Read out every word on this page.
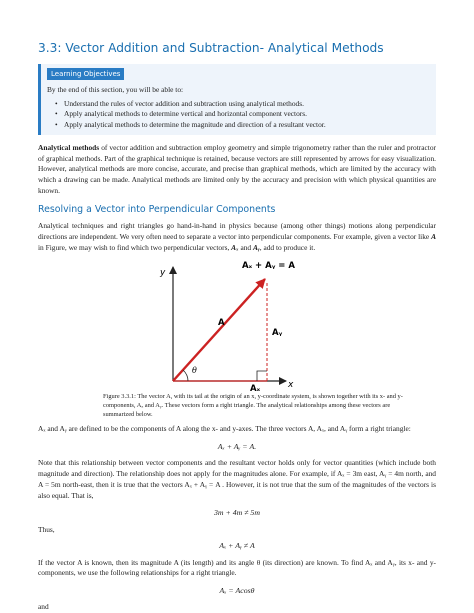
3.3: Vector Addition and Subtraction- Analytical Methods
Learning Objectives
By the end of this section, you will be able to:
• Understand the rules of vector addition and subtraction using analytical methods.
• Apply analytical methods to determine vertical and horizontal component vectors.
• Apply analytical methods to determine the magnitude and direction of a resultant vector.

Analytical methods of vector addition and subtraction employ geometry and simple trigonometry rather than the ruler and protractor of graphical methods. Part of the graphical technique is retained, because vectors are still represented by arrows for easy visualization. However, analytical methods are more concise, accurate, and precise than graphical methods, which are limited by the accuracy with which a drawing can be made. Analytical methods are limited only by the accuracy and precision with which physical quantities are known.

Resolving a Vector into Perpendicular Components

Analytical techniques and right triangles go hand-in-hand in physics because (among other things) motions along perpendicular directions are independent. We very often need to separate a vector into perpendicular components. For example, given a vector like A in Figure, we may wish to find which two perpendicular vectors, Aₓ and Aᵧ, add to produce it.

y
x
Aₓ + Aᵧ = A
A
Aᵧ
Aₓ
θ
Figure 3.3.1: The vector A, with its tail at the origin of an x, y-coordinate system, is shown together with its x- and y-components, Aₓ and Aᵧ. These vectors form a right triangle. The analytical relationships among these vectors are summarized below.

Aₓ and Aᵧ are defined to be the components of A along the x- and y-axes. The three vectors A, Aₓ, and Aᵧ form a right triangle:

Aₓ + Aᵧ = A.

Note that this relationship between vector components and the resultant vector holds only for vector quantities (which include both magnitude and direction). The relationship does not apply for the magnitudes alone. For example, if Aₓ = 3m east, Aᵧ = 4m north, and A = 5m north-east, then it is true that the vectors Aₓ + Aᵧ = A . However, it is not true that the sum of the magnitudes of the vectors is also equal. That is,

3m + 4m ≠ 5m
Thus,
Aₓ + Aᵧ ≠ A

If the vector A is known, then its magnitude A (its length) and its angle θ (its direction) are known. To find Aₓ and Aᵧ, its x- and y-components, we use the following relationships for a right triangle.

Aₓ = Acosθ
and
